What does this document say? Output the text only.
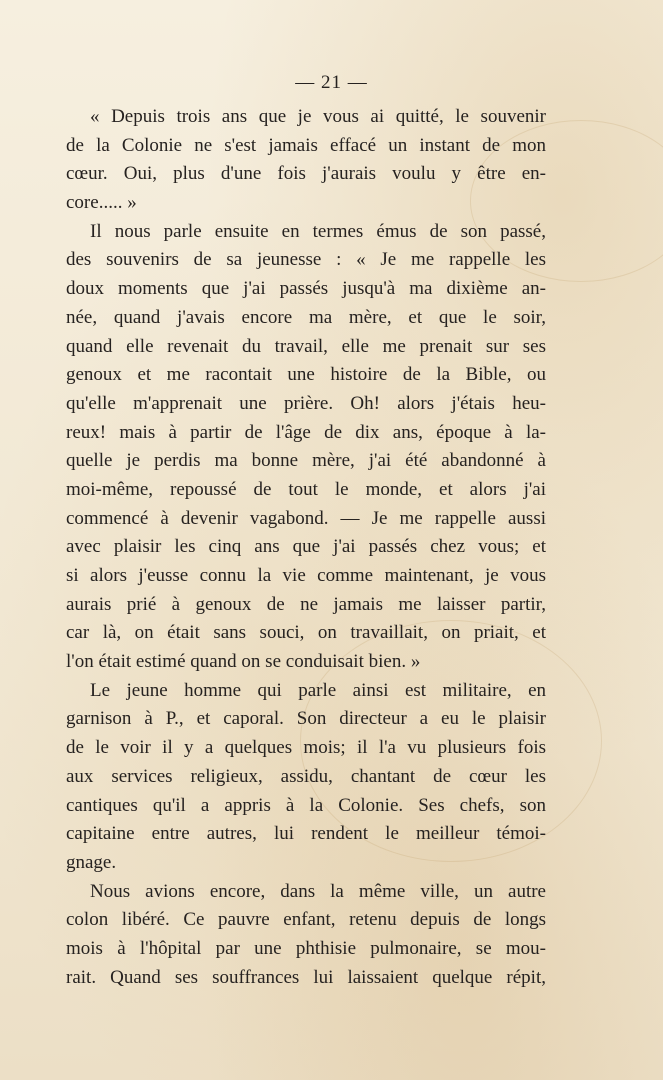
— 21 —
« Depuis trois ans que je vous ai quitté, le souvenir
de la Colonie ne s'est jamais effacé un instant de mon
cœur. Oui, plus d'une fois j'aurais voulu y être en-
core..... »
Il nous parle ensuite en termes émus de son passé,
des souvenirs de sa jeunesse : « Je me rappelle les
doux moments que j'ai passés jusqu'à ma dixième an-
née, quand j'avais encore ma mère, et que le soir,
quand elle revenait du travail, elle me prenait sur ses
genoux et me racontait une histoire de la Bible, ou
qu'elle m'apprenait une prière. Oh! alors j'étais heu-
reux! mais à partir de l'âge de dix ans, époque à la-
quelle je perdis ma bonne mère, j'ai été abandonné à
moi-même, repoussé de tout le monde, et alors j'ai
commencé à devenir vagabond. — Je me rappelle aussi
avec plaisir les cinq ans que j'ai passés chez vous; et
si alors j'eusse connu la vie comme maintenant, je vous
aurais prié à genoux de ne jamais me laisser partir,
car là, on était sans souci, on travaillait, on priait, et
l'on était estimé quand on se conduisait bien. »
Le jeune homme qui parle ainsi est militaire, en
garnison à P., et caporal. Son directeur a eu le plaisir
de le voir il y a quelques mois; il l'a vu plusieurs fois
aux services religieux, assidu, chantant de cœur les
cantiques qu'il a appris à la Colonie. Ses chefs, son
capitaine entre autres, lui rendent le meilleur témoi-
gnage.
Nous avions encore, dans la même ville, un autre
colon libéré. Ce pauvre enfant, retenu depuis de longs
mois à l'hôpital par une phthisie pulmonaire, se mou-
rait. Quand ses souffrances lui laissaient quelque répit,
